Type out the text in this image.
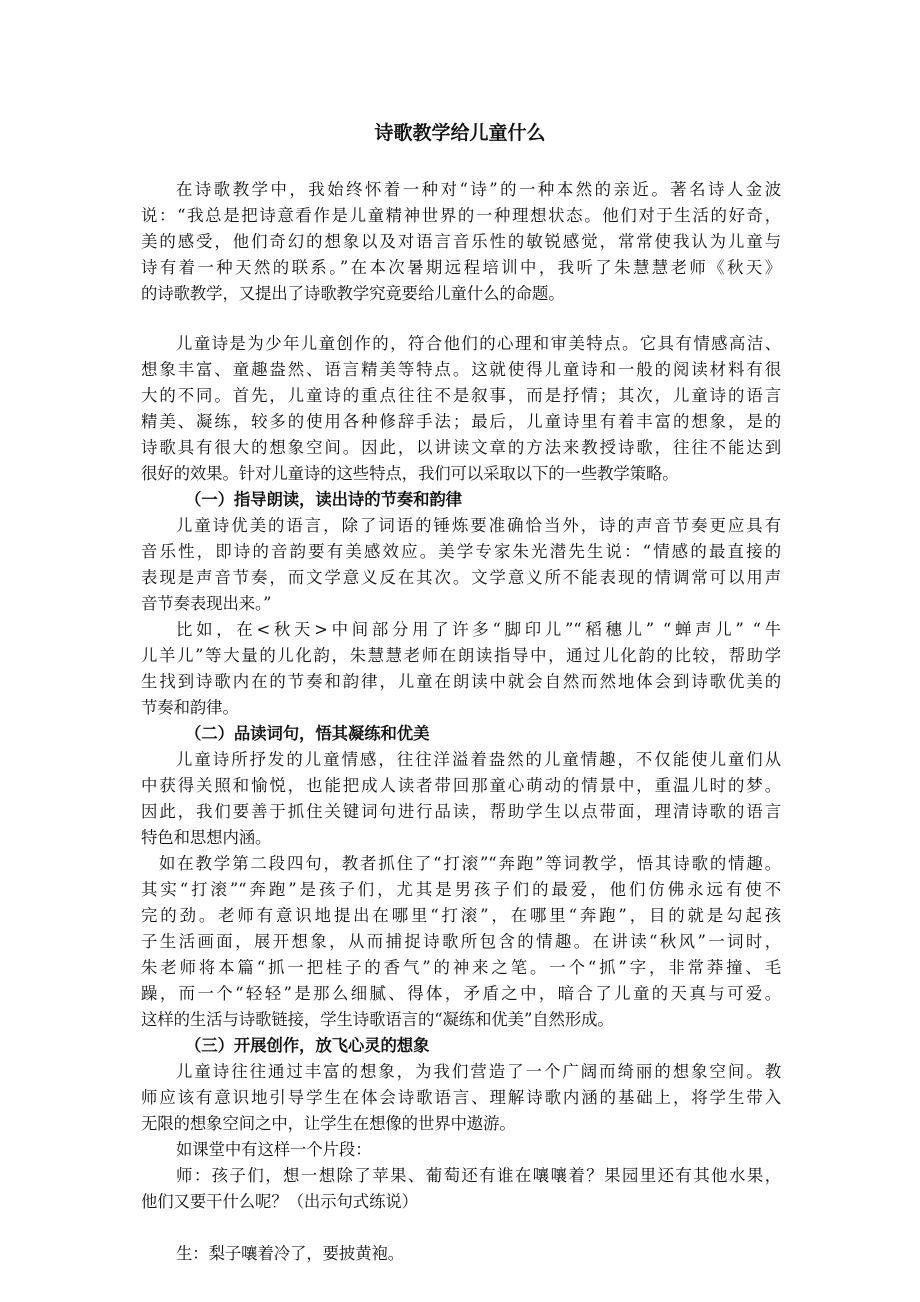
诗歌教学给儿童什么
在诗歌教学中，我始终怀着一种对“诗”的一种本然的亲近。著名诗人金波
说：“我总是把诗意看作是儿童精神世界的一种理想状态。他们对于生活的好奇，
美的感受，他们奇幻的想象以及对语言音乐性的敏锐感觉，常常使我认为儿童与
诗有着一种天然的联系。”在本次暑期远程培训中，我听了朱慧慧老师《秋天》
的诗歌教学，又提出了诗歌教学究竟要给儿童什么的命题。
儿童诗是为少年儿童创作的，符合他们的心理和审美特点。它具有情感高洁、
想象丰富、童趣盎然、语言精美等特点。这就使得儿童诗和一般的阅读材料有很
大的不同。首先，儿童诗的重点往往不是叙事，而是抒情；其次，儿童诗的语言
精美、凝练，较多的使用各种修辞手法；最后，儿童诗里有着丰富的想象，是的
诗歌具有很大的想象空间。因此，以讲读文章的方法来教授诗歌，往往不能达到
很好的效果。针对儿童诗的这些特点，我们可以采取以下的一些教学策略。
（一）指导朗读，读出诗的节奏和韵律
儿童诗优美的语言，除了词语的锤炼要准确恰当外，诗的声音节奏更应具有
音乐性，即诗的音韵要有美感效应。美学专家朱光潜先生说：“情感的最直接的
表现是声音节奏，而文学意义反在其次。文学意义所不能表现的情调常可以用声
音节奏表现出来。”
比如，在<秋天>中间部分用了许多“脚印儿”“稻穗儿” “蝉声儿” “牛
儿羊儿”等大量的儿化韵，朱慧慧老师在朗读指导中，通过儿化韵的比较，帮助学
生找到诗歌内在的节奏和韵律，儿童在朗读中就会自然而然地体会到诗歌优美的
节奏和韵律。
（二）品读词句，悟其凝练和优美
儿童诗所抒发的儿童情感，往往洋溢着盎然的儿童情趣，不仅能使儿童们从
中获得关照和愉悦，也能把成人读者带回那童心萌动的情景中，重温儿时的梦。
因此，我们要善于抓住关键词句进行品读，帮助学生以点带面，理清诗歌的语言
特色和思想内涵。
如在教学第二段四句，教者抓住了“打滚”“奔跑”等词教学，悟其诗歌的情趣。
其实“打滚”“奔跑”是孩子们，尤其是男孩子们的最爱，他们仿佛永远有使不
完的劲。老师有意识地提出在哪里“打滚”，在哪里“奔跑”，目的就是勾起孩
子生活画面，展开想象，从而捕捉诗歌所包含的情趣。在讲读“秋风”一词时，
朱老师将本篇“抓一把桂子的香气”的神来之笔。一个“抓”字，非常莽撞、毛
躁，而一个“轻轻”是那么细腻、得体，矛盾之中，暗合了儿童的天真与可爱。
这样的生活与诗歌链接，学生诗歌语言的“凝练和优美”自然形成。
（三）开展创作，放飞心灵的想象
儿童诗往往通过丰富的想象，为我们营造了一个广阔而绮丽的想象空间。教
师应该有意识地引导学生在体会诗歌语言、理解诗歌内涵的基础上，将学生带入
无限的想象空间之中，让学生在想像的世界中遨游。
如课堂中有这样一个片段：
师：孩子们，想一想除了苹果、葡萄还有谁在嚷嚷着？果园里还有其他水果，
他们又要干什么呢？（出示句式练说）
生：梨子嚷着冷了，要披黄袍。
